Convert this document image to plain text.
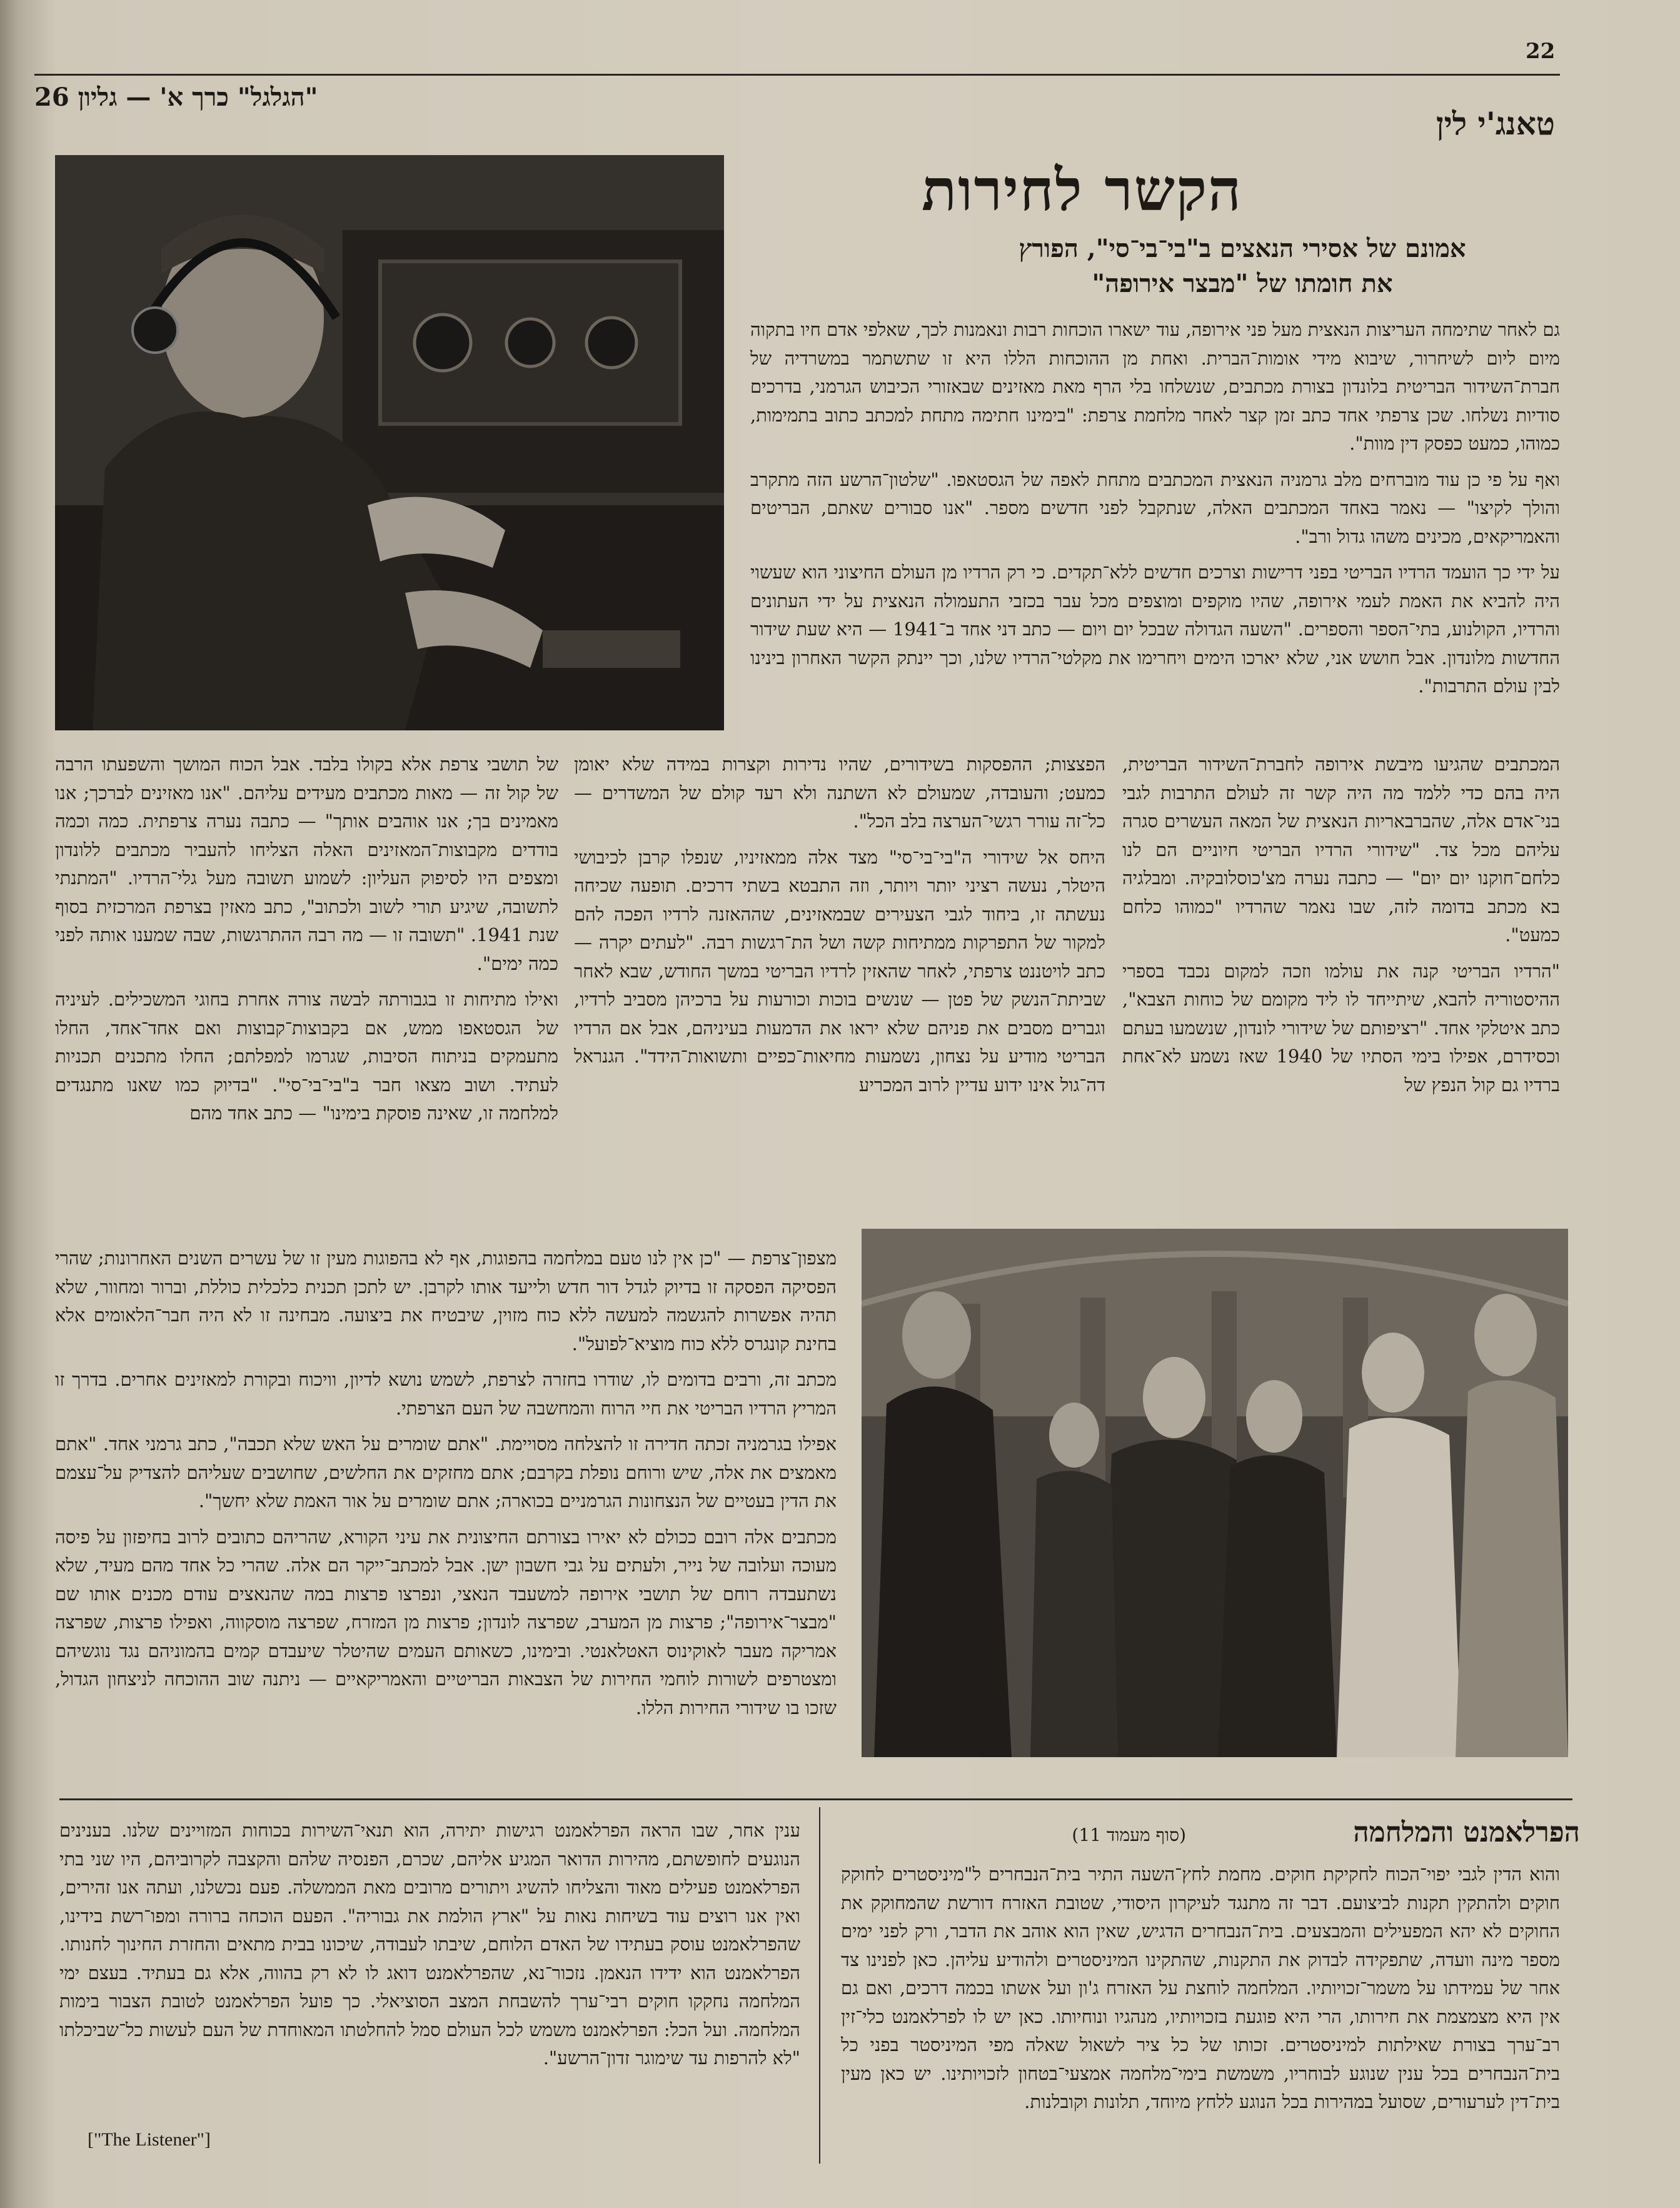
22
"הגלגל" כרך א' — גליון 26
טאנג'י לין
הקשר לחירות
אמונם של אסירי הנאצים ב"בי־בי־סי", הפורץ
את חומתו של "מבצר אירופה"

גם לאחר שתימחה העריצות הנאצית מעל פני אירופה, עוד ישארו הוכחות רבות ונאמנות לכך, שאלפי אדם חיו בתקוה מיום ליום לשיחרור, שיבוא מידי אומות־הברית. ואחת מן ההוכחות הללו היא זו שתשתמר במשרדיה של חברת־השידור הבריטית בלונדון בצורת מכתבים, שנשלחו בלי הרף מאת מאזינים שבאזורי הכיבוש הגרמני, בדרכים סודיות נשלחו. שכן צרפתי אחד כתב זמן קצר לאחר מלחמת צרפת: "בימינו חתימה מתחת למכתב כתוב בתמימות, כמוהו, כמעט כפסק דין מוות".

ואף על פי כן עוד מוברחים מלב גרמניה הנאצית המכתבים מתחת לאפה של הגסטאפו. "שלטון־הרשע הזה מתקרב והולך לקיצו" — נאמר באחד המכתבים האלה, שנתקבל לפני חדשים מספר. "אנו סבורים שאתם, הבריטים והאמריקאים, מכינים משהו גדול ורב".

על ידי כך הועמד הרדיו הבריטי בפני דרישות וצרכים חדשים ללא־תקדים. כי רק הרדיו מן העולם החיצוני הוא שעשוי היה להביא את האמת לעמי אירופה, שהיו מוקפים ומוצפים מכל עבר בכזבי התעמולה הנאצית על ידי העתונים והרדיו, הקולנוע, בתי־הספר והספרים. "השעה הגדולה שבכל יום ויום — כתב דני אחד ב־1941 — היא שעת שידור החדשות מלונדון. אבל חושש אני, שלא יארכו הימים ויחרימו את מקלטי־הרדיו שלנו, וכך יינתק הקשר האחרון בינינו לבין עולם התרבות".

המכתבים שהגיעו מיבשת אירופה לחברת־השידור הבריטית, היה בהם כדי ללמד מה היה קשר זה לעולם התרבות לגבי בני־אדם אלה, שהברבאריות הנאצית של המאה העשרים סגרה עליהם מכל צד. "שידורי הרדיו הבריטי חיוניים הם לנו כלחם־חוקנו יום יום" — כתבה נערה מצ'כוסלובקיה. ומבלגיה בא מכתב בדומה לזה, שבו נאמר שהרדיו "כמוהו כלחם כמעט".

"הרדיו הבריטי קנה את עולמו וזכה למקום נכבד בספרי ההיסטוריה להבא, שיתייחד לו ליד מקומם של כוחות הצבא", כתב איטלקי אחד. "רציפותם של שידורי לונדון, שנשמעו בעתם וכסידרם, אפילו בימי הסתיו של 1940 שאז נשמע לא־אחת ברדיו גם קול הנפץ של

הפצצות; ההפסקות בשידורים, שהיו נדירות וקצרות במידה שלא יאומן כמעט; והעובדה, שמעולם לא השתנה ולא רעד קולם של המשדרים — כל־זה עורר רגשי־הערצה בלב הכל".

היחס אל שידורי ה"בי־בי־סי" מצד אלה ממאזיניו, שנפלו קרבן לכיבושי היטלר, נעשה רציני יותר ויותר, וזה התבטא בשתי דרכים. תופעה שכיחה נעשתה זו, ביחוד לגבי הצעירים שבמאזינים, שההאזנה לרדיו הפכה להם למקור של התפרקות ממתיחות קשה ושל הת־רגשות רבה. "לעתים יקרה — כתב לויטננט צרפתי, לאחר שהאזין לרדיו הבריטי במשך החודש, שבא לאחר שביתת־הנשק של פטן — שנשים בוכות וכורעות על ברכיהן מסביב לרדיו, וגברים מסבים את פניהם שלא יראו את הדמעות בעיניהם, אבל אם הרדיו הבריטי מודיע על נצחון, נשמעות מחיאות־כפיים ותשואות־הידד". הגנראל דה־גול אינו ידוע עדיין לרוב המכריע

של תושבי צרפת אלא בקולו בלבד. אבל הכוח המושך והשפעתו הרבה של קול זה — מאות מכתבים מעידים עליהם. "אנו מאזינים לברכך; אנו מאמינים בך; אנו אוהבים אותך" — כתבה נערה צרפתית. כמה וכמה בודדים מקבוצות־המאזינים האלה הצליחו להעביר מכתבים ללונדון ומצפים היו לסיפוק העליון: לשמוע תשובה מעל גלי־הרדיו. "המתנתי לתשובה, שיגיע תורי לשוב ולכתוב", כתב מאזין בצרפת המרכזית בסוף שנת 1941. "תשובה זו — מה רבה ההתרגשות, שבה שמענו אותה לפני כמה ימים".

ואילו מתיחות זו בגבורתה לבשה צורה אחרת בחוגי המשכילים. לעיניה של הגסטאפו ממש, אם בקבוצות־קבוצות ואם אחד־אחד, החלו מתעמקים בניתוח הסיבות, שגרמו למפלתם; החלו מתכנים תכניות לעתיד. ושוב מצאו חבר ב"בי־בי־סי". "בדיוק כמו שאנו מתנגדים למלחמה זו, שאינה פוסקת בימינו" — כתב אחד מהם

מצפון־צרפת — "כן אין לנו טעם במלחמה בהפוגות, אף לא בהפוגות מעין זו של עשרים השנים האחרונות; שהרי הפסיקה הפסקה זו בדיוק לגדל דור חדש ולייעד אותו לקרבן. יש לתכן תכנית כלכלית כוללת, וברור ומחוור, שלא תהיה אפשרות להגשמה למעשה ללא כוח מזוין, שיבטיח את ביצועה. מבחינה זו לא היה חבר־הלאומים אלא בחינת קונגרס ללא כוח מוציא־לפועל".

מכתב זה, ורבים בדומים לו, שודרו בחזרה לצרפת, לשמש נושא לדיון, וויכוח ובקורת למאזינים אחרים. בדרך זו המריץ הרדיו הבריטי את חיי הרוח והמחשבה של העם הצרפתי.

אפילו בגרמניה זכתה חדירה זו להצלחה מסויימת. "אתם שומרים על האש שלא תכבה", כתב גרמני אחד. "אתם מאמצים את אלה, שיש ורוחם נופלת בקרבם; אתם מחזקים את החלשים, שחושבים שעליהם להצדיק על־עצמם את הדין בעטיים של הנצחונות הגרמניים בכוארה; אתם שומרים על אור האמת שלא יחשך".

מכתבים אלה רובם ככולם לא יאירו בצורתם החיצונית את עיני הקורא, שהריהם כתובים לרוב בחיפזון על פיסה מעוכה ועלובה של נייר, ולעתים על גבי חשבון ישן. אבל למכתב־ייקר הם אלה. שהרי כל אחד מהם מעיד, שלא נשתעבדה רוחם של תושבי אירופה למשעבד הנאצי, ונפרצו פרצות במה שהנאצים עודם מכנים אותו שם "מבצר־אירופה"; פרצות מן המערב, שפרצה לונדון; פרצות מן המזרח, שפרצה מוסקווה, ואפילו פרצות, שפרצה אמריקה מעבר לאוקינוס האטלאנטי. ובימינו, כשאותם העמים שהיטלר שיעבדם קמים בהמוניהם נגד נוגשיהם ומצטרפים לשורות לוחמי החירות של הצבאות הבריטיים והאמריקאיים — ניתנה שוב ההוכחה לניצחון הגדול, שזכו בו שידורי החירות הללו.

הפרלאמנט והמלחמה
(סוף מעמוד 11)

והוא הדין לגבי יפוי־הכוח לחקיקת חוקים. מחמת לחץ־השעה התיר בית־הנבחרים ל"מיניסטרים לחוקק חוקים ולהתקין תקנות לביצועם. דבר זה מתנגד לעיקרון היסודי, שטובת האזרח דורשת שהמחוקק את החוקים לא יהא המפעילים והמבצעים. בית־הנבחרים הדגיש, שאין הוא אוהב את הדבר, ורק לפני ימים מספר מינה וועדה, שתפקידה לבדוק את התקנות, שהתקינו המיניסטרים ולהודיע עליהן. כאן לפנינו צד אחר של עמידתו על משמר־זכויותיו. המלחמה לוחצת על האזרח ג'ון ועל אשתו בכמה דרכים, ואם גם אין היא מצמצמת את חירותו, הרי היא פוגעת בזכויותיו, מנהגיו ונוחיותו. כאן יש לו לפרלאמנט כלי־זין רב־ערך בצורת שאילתות למיניסטרים. זכותו של כל ציר לשאול שאלה מפי המיניסטר בפני כל בית־הנבחרים בכל ענין שנוגע לבוחריו, משמשת בימי־מלחמה אמצעי־בטחון לזכויותינו. יש כאן מעין בית־דין לערעורים, שסועל במהירות בכל הנוגע ללחץ מיוחד, תלונות וקובלנות.

ענין אחר, שבו הראה הפרלאמנט רגישות יתירה, הוא תנאי־השירות בכוחות המזויינים שלנו. בענינים הנוגעים לחופשתם, מהירות הדואר המגיע אליהם, שכרם, הפנסיה שלהם והקצבה לקרוביהם, היו שני בתי הפרלאמנט פעילים מאוד והצליחו להשיג ויתורים מרובים מאת הממשלה. פעם נכשלנו, ועתה אנו זהירים, ואין אנו רוצים עוד בשיחות נאות על "ארץ הולמת את גבוריה". הפעם הוכחה ברורה ומפו־רשת בידינו, שהפרלאמנט עוסק בעתידו של האדם הלוחם, שיבתו לעבודה, שיכונו בבית מתאים והחזרת החינוך לחנותו. הפרלאמנט הוא ידידו הנאמן. נזכור־נא, שהפרלאמנט דואג לו לא רק בהווה, אלא גם בעתיד. בעצם ימי המלחמה נחקקו חוקים רבי־ערך להשבחת המצב הסוציאלי. כך פועל הפרלאמנט לטובת הצבור בימות המלחמה. ועל הכל: הפרלאמנט משמש לכל העולם סמל להחלטתו המאוחדת של העם לעשות כל־שביכלתו "לא להרפות עד שימוגר זדון־הרשע".

["The Listener"]
